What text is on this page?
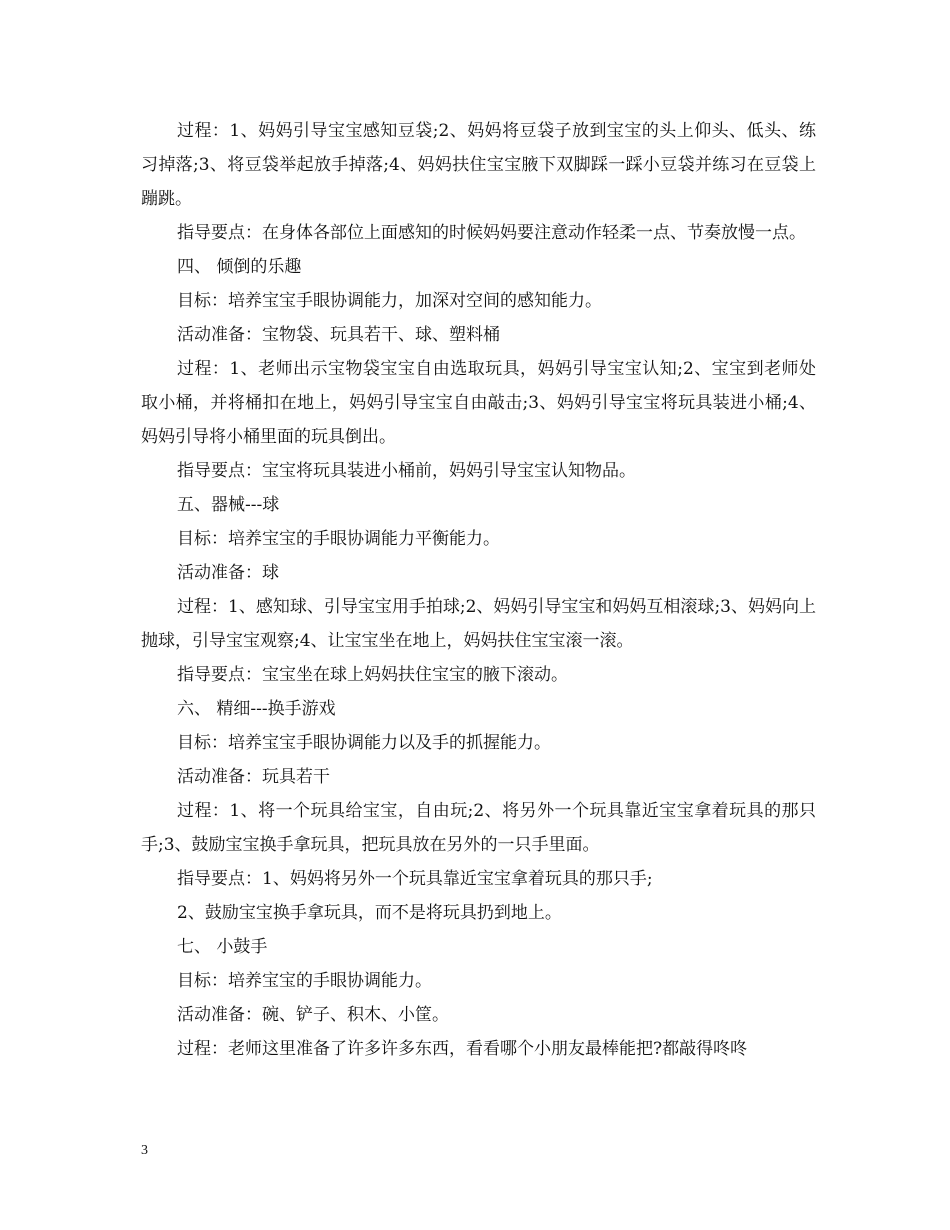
过程：1、妈妈引导宝宝感知豆袋;2、妈妈将豆袋子放到宝宝的头上仰头、低头、练习掉落;3、将豆袋举起放手掉落;4、妈妈扶住宝宝腋下双脚踩一踩小豆袋并练习在豆袋上蹦跳。

指导要点：在身体各部位上面感知的时候妈妈要注意动作轻柔一点、节奏放慢一点。

四、 倾倒的乐趣

目标：培养宝宝手眼协调能力，加深对空间的感知能力。

活动准备：宝物袋、玩具若干、球、塑料桶

过程：1、老师出示宝物袋宝宝自由选取玩具，妈妈引导宝宝认知;2、宝宝到老师处取小桶，并将桶扣在地上，妈妈引导宝宝自由敲击;3、妈妈引导宝宝将玩具装进小桶;4、妈妈引导将小桶里面的玩具倒出。

指导要点：宝宝将玩具装进小桶前，妈妈引导宝宝认知物品。

五、器械---球

目标：培养宝宝的手眼协调能力平衡能力。

活动准备：球

过程：1、感知球、引导宝宝用手拍球;2、妈妈引导宝宝和妈妈互相滚球;3、妈妈向上抛球，引导宝宝观察;4、让宝宝坐在地上，妈妈扶住宝宝滚一滚。

指导要点：宝宝坐在球上妈妈扶住宝宝的腋下滚动。

六、 精细---换手游戏

目标：培养宝宝手眼协调能力以及手的抓握能力。

活动准备：玩具若干

过程：1、将一个玩具给宝宝，自由玩;2、将另外一个玩具靠近宝宝拿着玩具的那只手;3、鼓励宝宝换手拿玩具，把玩具放在另外的一只手里面。

指导要点：1、妈妈将另外一个玩具靠近宝宝拿着玩具的那只手;

2、鼓励宝宝换手拿玩具，而不是将玩具扔到地上。

七、 小鼓手

目标：培养宝宝的手眼协调能力。

活动准备：碗、铲子、积木、小筐。

过程：老师这里准备了许多许多东西，看看哪个小朋友最棒能把?都敲得咚咚

3
